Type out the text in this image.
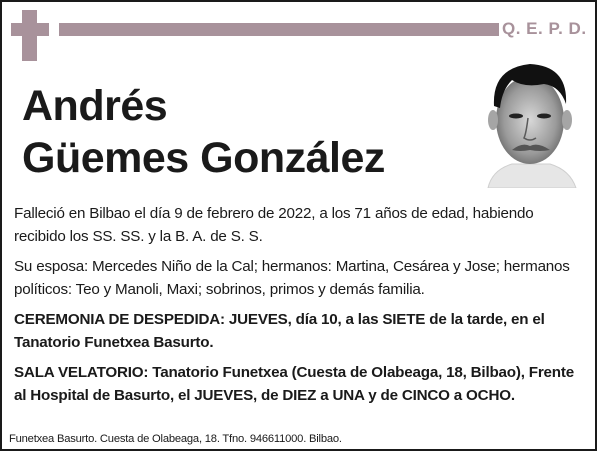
Q. E. P. D.
Andrés
Güemes González

Falleció en Bilbao el día 9 de febrero de 2022, a los 71 años de edad, habiendo recibido los SS. SS. y la B. A. de S. S.

Su esposa: Mercedes Niño de la Cal; hermanos: Martina, Cesárea y Jose; hermanos políticos: Teo y Manoli, Maxi; sobrinos, primos y demás familia.

CEREMONIA DE DESPEDIDA: JUEVES, día 10, a las SIETE de la tarde, en el Tanatorio Funetxea Basurto.

SALA VELATORIO: Tanatorio Funetxea (Cuesta de Olabeaga, 18, Bilbao), Frente al Hospital de Basurto, el JUEVES, de DIEZ a UNA y de CINCO a OCHO.

Funetxea Basurto. Cuesta de Olabeaga, 18. Tfno. 946611000. Bilbao.
